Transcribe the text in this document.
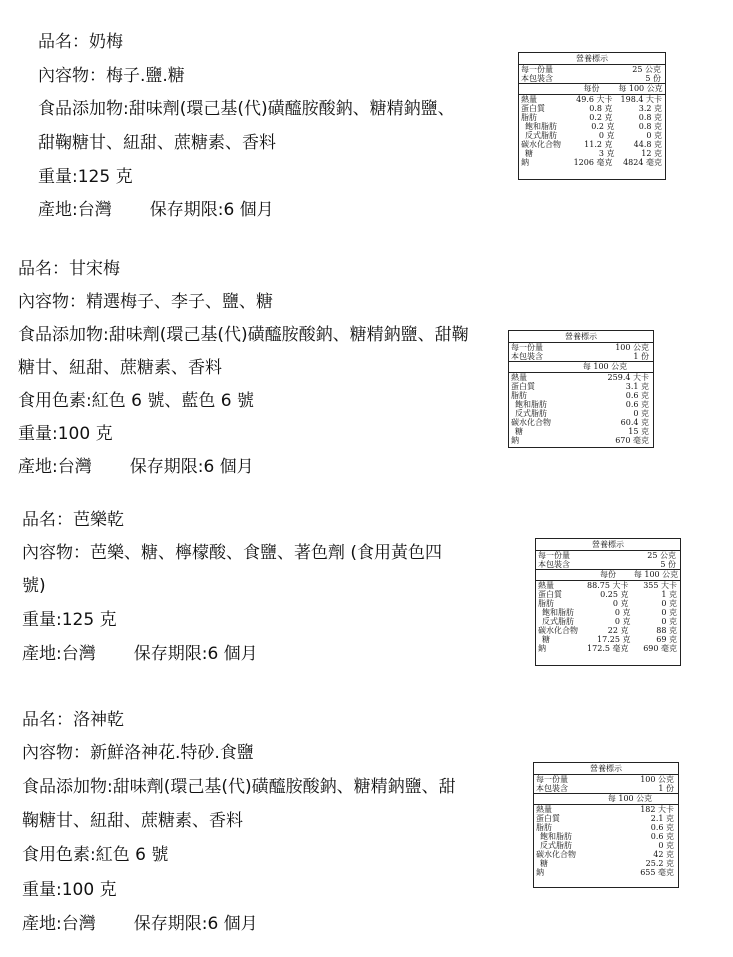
品名：奶梅
內容物：梅子.鹽.糖
食品添加物:甜味劑(環己基(代)磺醯胺酸鈉、糖精鈉鹽、
甜鞠糖甘、紐甜、蔗糖素、香料
重量:125 克
產地:台灣 保存期限:6 個月
營養標示
每一份量	25 公克
本包裝含	5 份
每份	每 100 公克
熱量	49.6 大卡	198.4 大卡
蛋白質	0.8 克	3.2 克
脂肪	0.2 克	0.8 克
飽和脂肪	0.2 克	0.8 克
反式脂肪	0 克	0 克
碳水化合物	11.2 克	44.8 克
糖	3 克	12 克
鈉	1206 毫克	4824 毫克
品名：甘宋梅
內容物：精選梅子、李子、鹽、糖
食品添加物:甜味劑(環己基(代)磺醯胺酸鈉、糖精鈉鹽、甜鞠
糖甘、紐甜、蔗糖素、香料
食用色素:紅色 6 號、藍色 6 號
重量:100 克
產地:台灣 保存期限:6 個月
營養標示
每一份量	100 公克
本包裝含	1 份
每 100 公克
熱量	259.4 大卡
蛋白質	3.1 克
脂肪	0.6 克
飽和脂肪	0.6 克
反式脂肪	0 克
碳水化合物	60.4 克
糖	15 克
鈉	670 毫克
品名：芭樂乾
內容物：芭樂、糖、檸檬酸、食鹽、著色劑 (食用黃色四
號)
重量:125 克
產地:台灣 保存期限:6 個月
營養標示
每一份量	25 公克
本包裝含	5 份
每份	每 100 公克
熱量	88.75 大卡	355 大卡
蛋白質	0.25 克	1 克
脂肪	0 克	0 克
飽和脂肪	0 克	0 克
反式脂肪	0 克	0 克
碳水化合物	22 克	88 克
糖	17.25 克	69 克
鈉	172.5 毫克	690 毫克
品名：洛神乾
內容物：新鮮洛神花.特砂.食鹽
食品添加物:甜味劑(環己基(代)磺醯胺酸鈉、糖精鈉鹽、甜
鞠糖甘、紐甜、蔗糖素、香料
食用色素:紅色 6 號
重量:100 克
產地:台灣 保存期限:6 個月
營養標示
每一份量	100 公克
本包裝含	1 份
每 100 公克
熱量	182 大卡
蛋白質	2.1 克
脂肪	0.6 克
飽和脂肪	0.6 克
反式脂肪	0 克
碳水化合物	42 克
糖	25.2 克
鈉	655 毫克
